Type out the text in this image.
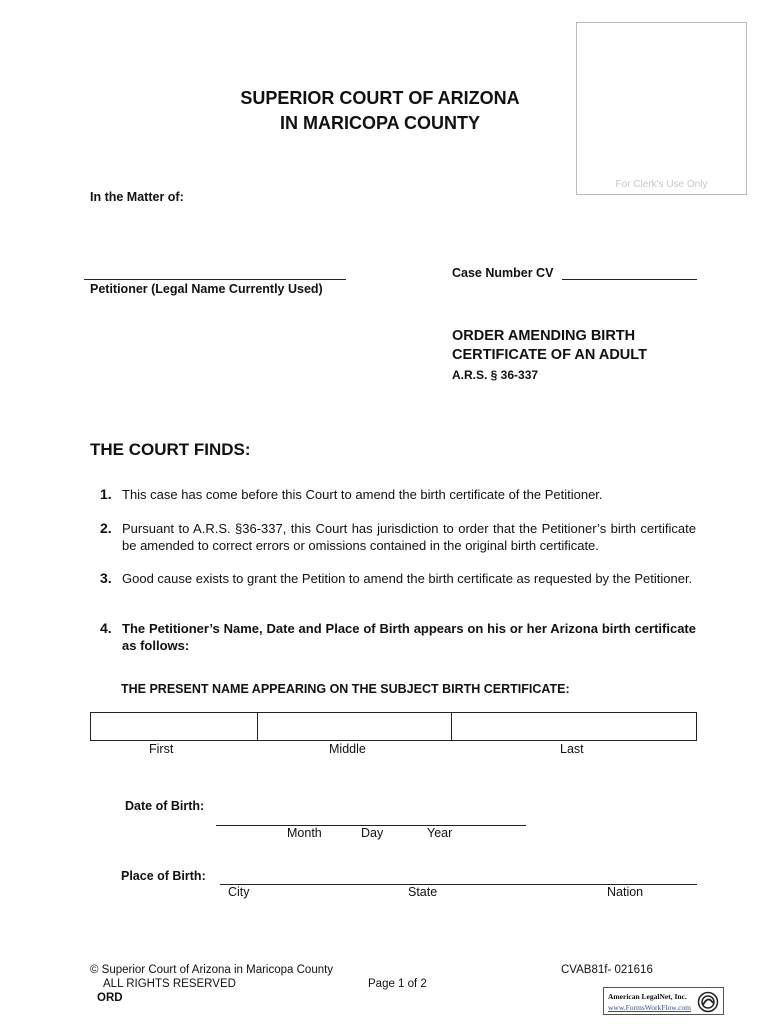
For Clerk's Use Only
SUPERIOR COURT OF ARIZONA
IN MARICOPA COUNTY
In the Matter of:
Petitioner (Legal Name Currently Used)
Case Number CV
ORDER AMENDING BIRTH
CERTIFICATE OF AN ADULT
A.R.S. § 36-337
THE COURT FINDS:
1. This case has come before this Court to amend the birth certificate of the Petitioner.
2. Pursuant to A.R.S. §36-337, this Court has jurisdiction to order that the Petitioner’s birth certificate be amended to correct errors or omissions contained in the original birth certificate.
3. Good cause exists to grant the Petition to amend the birth certificate as requested by the Petitioner.
4. The Petitioner’s Name, Date and Place of Birth appears on his or her Arizona birth certificate as follows:
THE PRESENT NAME APPEARING ON THE SUBJECT BIRTH CERTIFICATE:
First	Middle	Last
Date of Birth:
Month	Day	Year
Place of Birth:
City	State	Nation
© Superior Court of Arizona in Maricopa County
ALL RIGHTS RESERVED
ORD
Page 1 of 2
CVAB81f- 021616
American LegalNet, Inc.
www.FormsWorkFlow.com
